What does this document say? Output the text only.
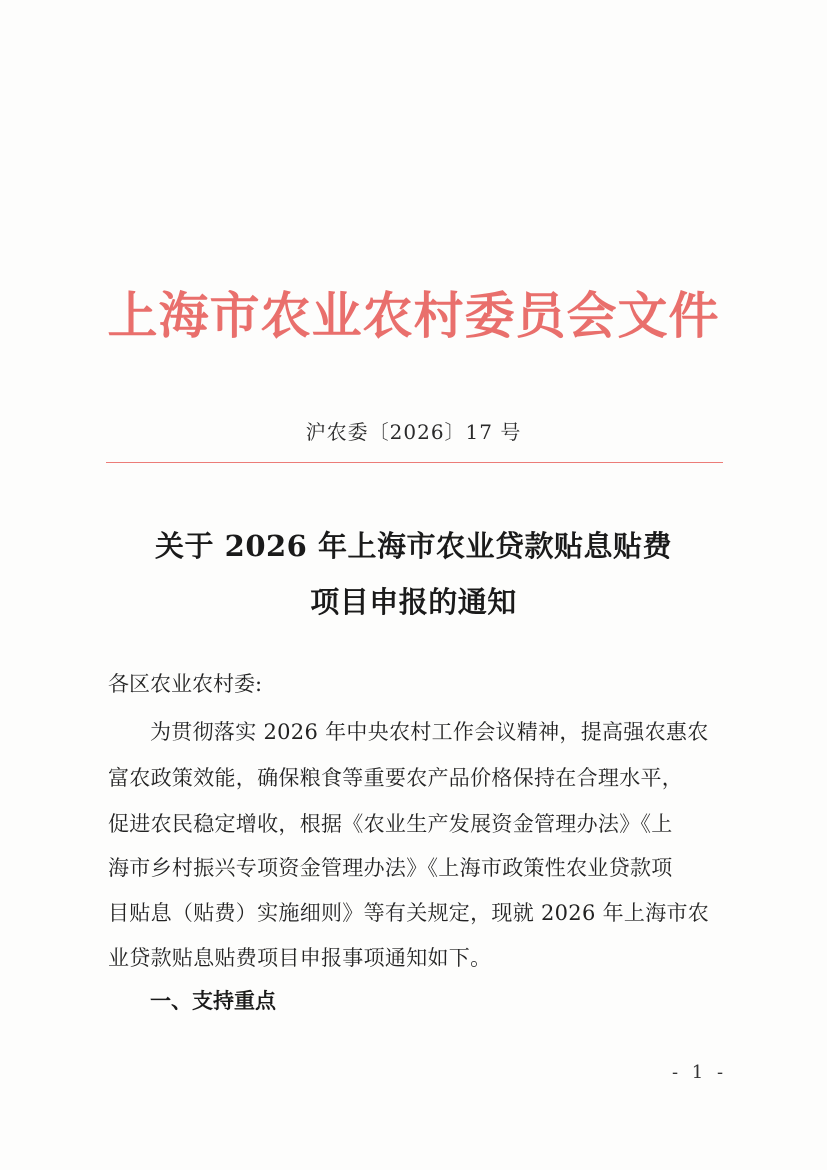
上海市农业农村委员会文件
沪农委〔2026〕17 号
关于 2026 年上海市农业贷款贴息贴费
项目申报的通知
各区农业农村委:
为贯彻落实 2026 年中央农村工作会议精神，提高强农惠农
富农政策效能，确保粮食等重要农产品价格保持在合理水平，
促进农民稳定增收，根据《农业生产发展资金管理办法》《上
海市乡村振兴专项资金管理办法》《上海市政策性农业贷款项
目贴息（贴费）实施细则》等有关规定，现就 2026 年上海市农
业贷款贴息贴费项目申报事项通知如下。
一、支持重点
- 1 -
